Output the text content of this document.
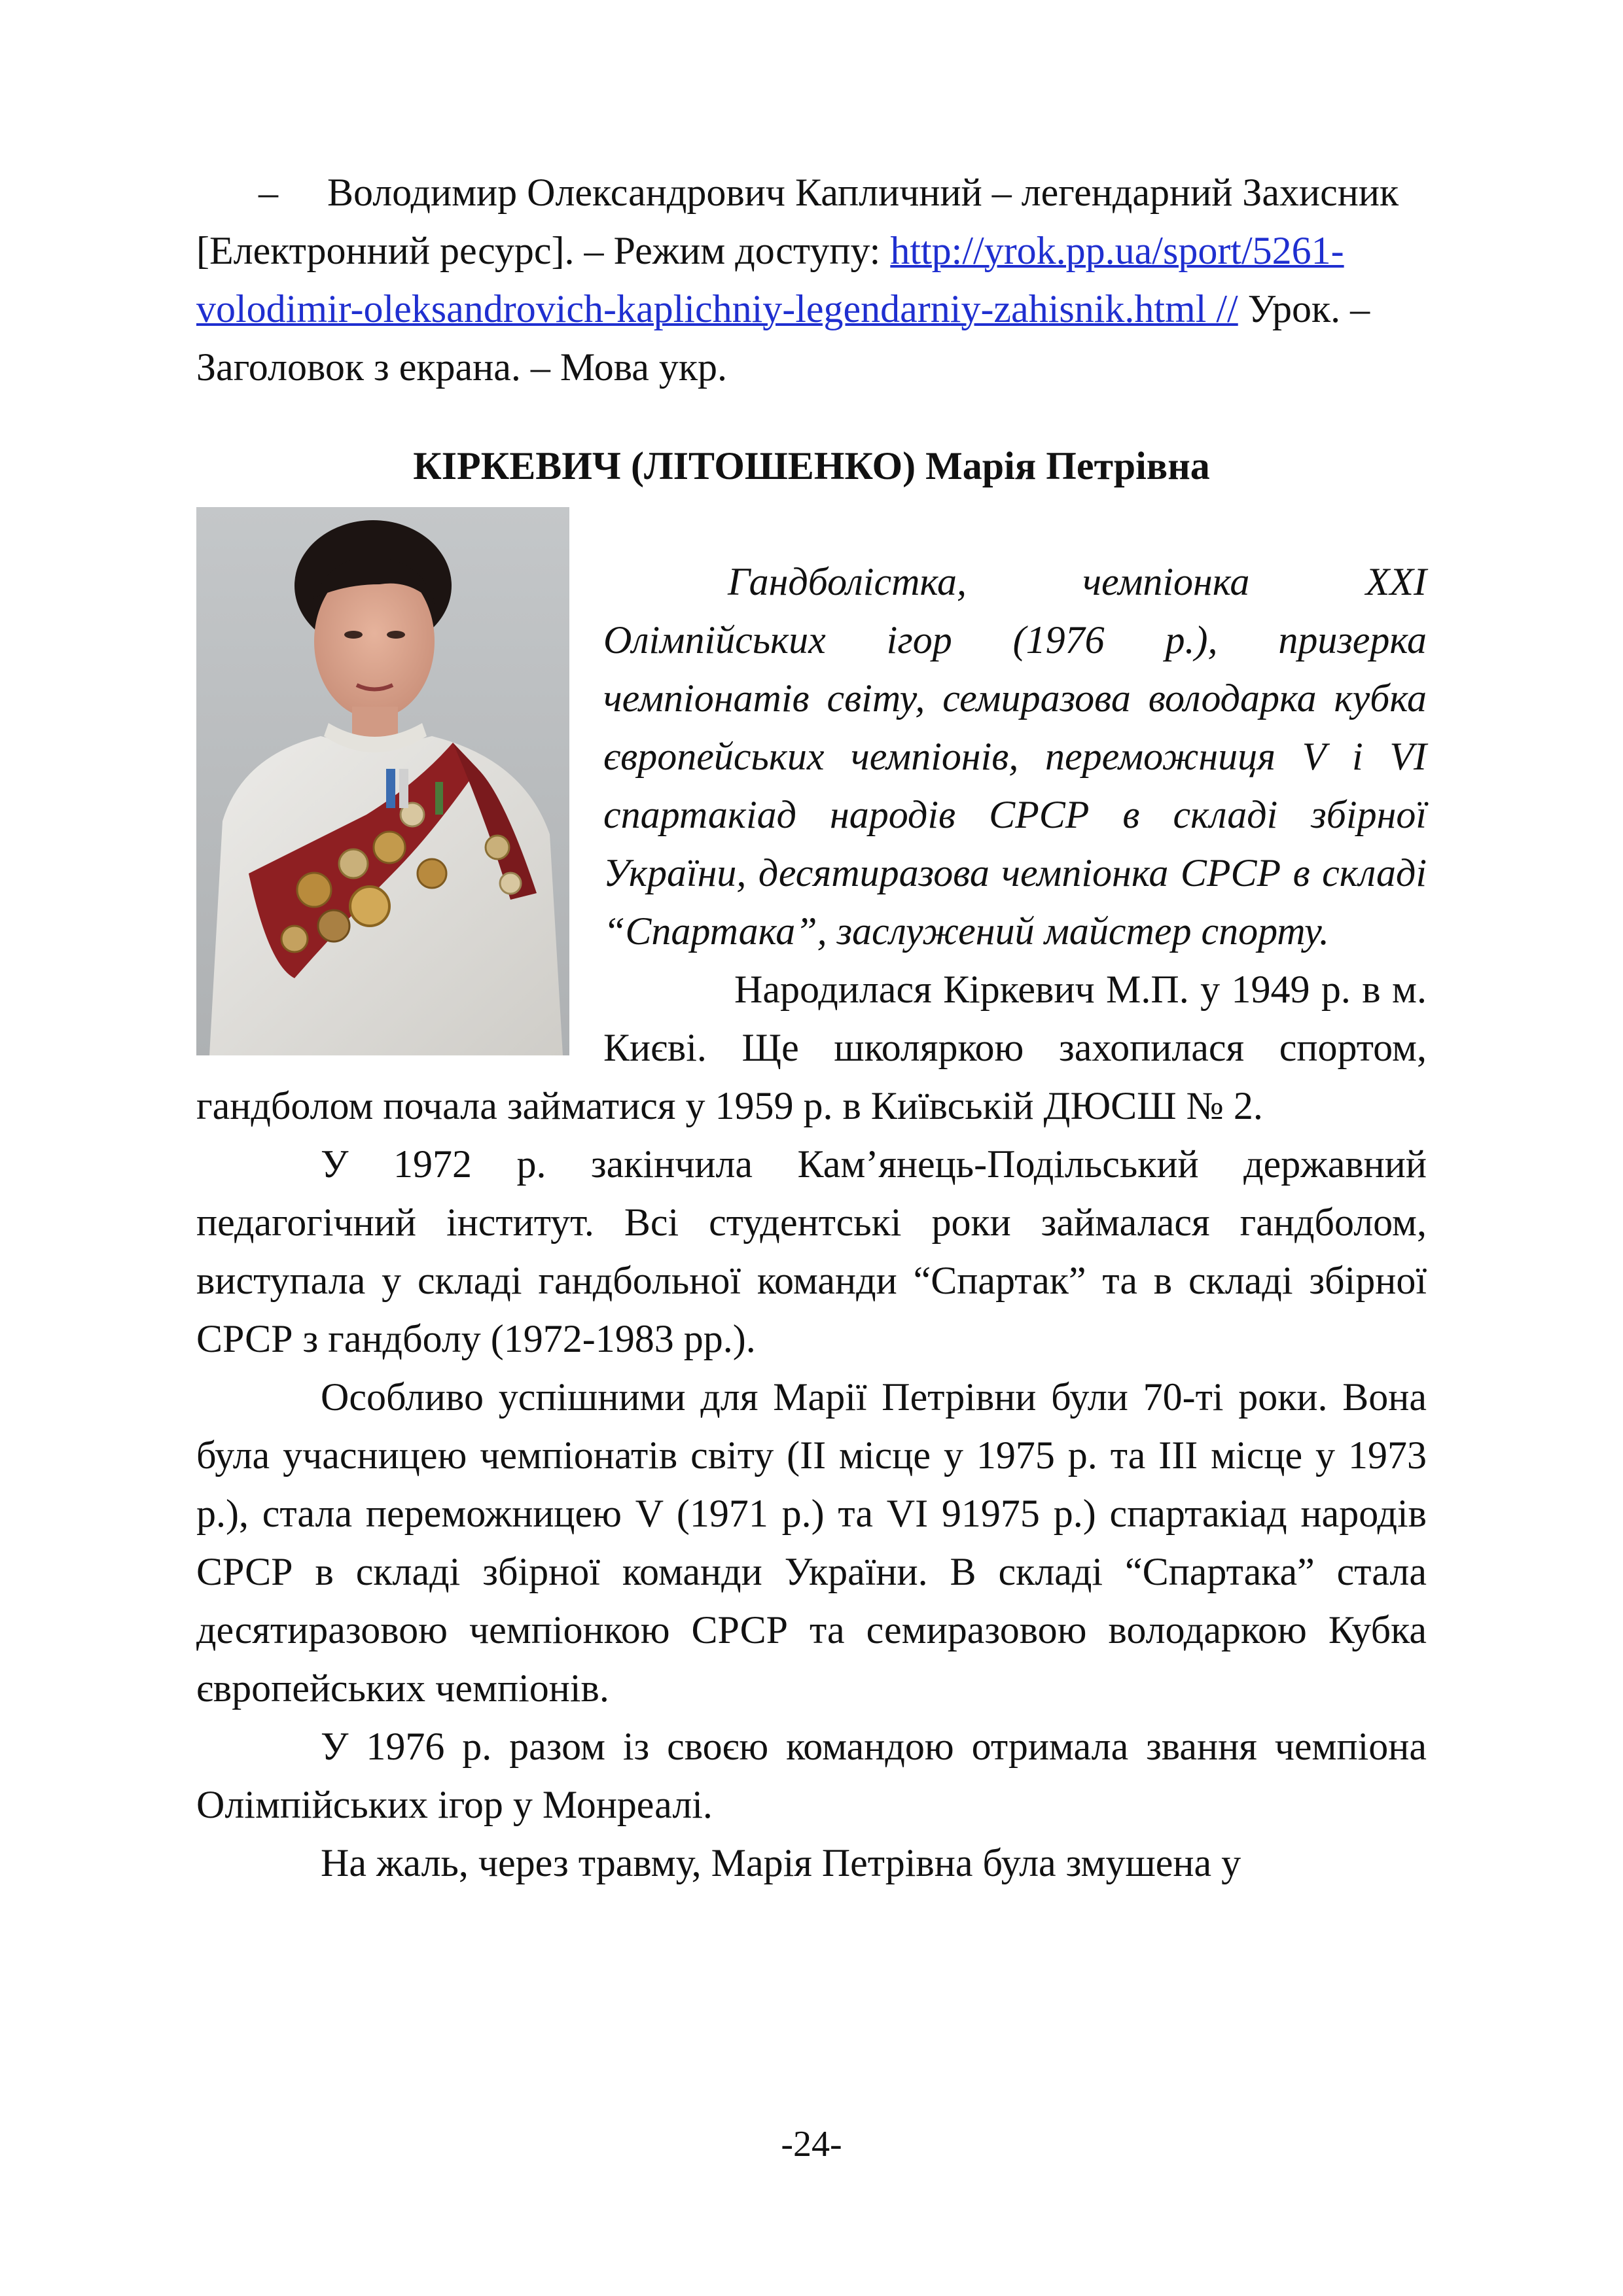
– Володимир Олександрович Капличний – легендарний Захисник [Електронний ресурс]. – Режим доступу: http://yrok.pp.ua/sport/5261-volodimir-oleksandrovich-kaplichniy-legendarniy-zahisnik.html // Урок. – Заголовок з екрана. – Мова укр.

КІРКЕВИЧ (ЛІТОШЕНКО) Марія Петрівна

Гандболістка, чемпіонка XXI Олімпійських ігор (1976 р.), призерка чемпіонатів світу, семиразова володарка кубка європейських чемпіонів, переможниця V і VI спартакіад народів СРСР в складі збірної України, десятиразова чемпіонка СРСР в складі

“Спартака”, заслужений майстер спорту.

Народилася Кіркевич М.П. у 1949 р. в м. Києві. Ще школяркою захопилася спортом, гандболом почала займатися у 1959 р. в Київській ДЮСШ № 2.

У 1972 р. закінчила Кам’янець-Подільський державний педагогічний інститут. Всі студентські роки займалася гандболом, виступала у складі гандбольної команди “Спартак” та в складі збірної СРСР з гандболу (1972-1983 рр.).

Особливо успішними для Марії Петрівни були 70-ті роки. Вона була учасницею чемпіонатів світу (II місце у 1975 р. та III місце у 1973 р.), стала переможницею V (1971 р.) та VI 91975 р.) спартакіад народів СРСР в складі збірної команди України. В складі “Спартака” стала десятиразовою чемпіонкою СРСР та семиразовою володаркою Кубка європейських чемпіонів.

У 1976 р. разом із своєю командою отримала звання чемпіона Олімпійських ігор у Монреалі.

На жаль, через травму, Марія Петрівна була змушена у

-24-
